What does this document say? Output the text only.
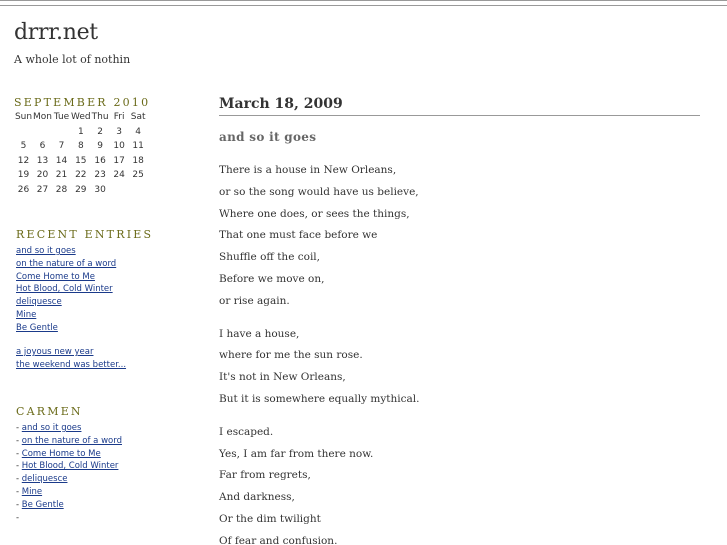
drrr.net
A whole lot of nothin
SEPTEMBER 2010
Sun	Mon	Tue	Wed	Thu	Fri	Sat
			1	2	3	4
5	6	7	8	9	10	11
12	13	14	15	16	17	18
19	20	21	22	23	24	25
26	27	28	29	30		
RECENT ENTRIES
and so it goes
on the nature of a word
Come Home to Me
Hot Blood, Cold Winter
deliquesce
Mine
Be Gentle
a joyous new year
the weekend was better...
CARMEN
- and so it goes
- on the nature of a word
- Come Home to Me
- Hot Blood, Cold Winter
- deliquesce
- Mine
- Be Gentle
-
March 18, 2009
and so it goes
There is a house in New Orleans,
or so the song would have us believe,
Where one does, or sees the things,
That one must face before we
Shuffle off the coil,
Before we move on,
or rise again.
I have a house,
where for me the sun rose.
It's not in New Orleans,
But it is somewhere equally mythical.
I escaped.
Yes, I am far from there now.
Far from regrets,
And darkness,
Or the dim twilight
Of fear and confusion.
